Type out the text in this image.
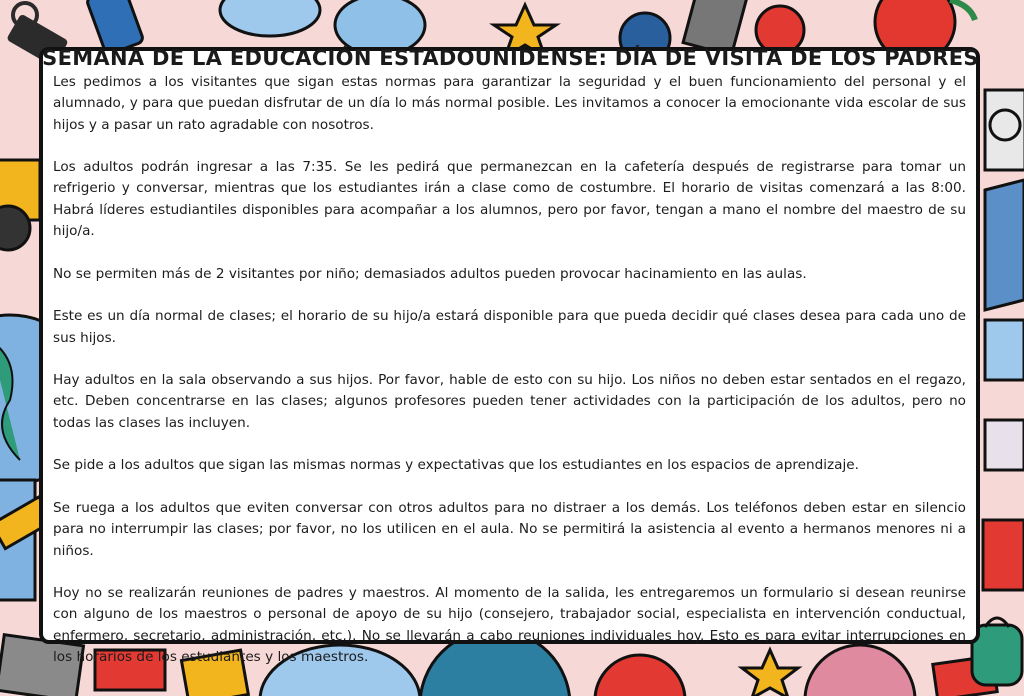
SEMANA DE LA EDUCACIÓN ESTADOUNIDENSE: DÍA DE VISITA DE LOS PADRES

Les pedimos a los visitantes que sigan estas normas para garantizar la seguridad y el buen funcionamiento del personal y el alumnado, y para que puedan disfrutar de un día lo más normal posible. Les invitamos a conocer la emocionante vida escolar de sus hijos y a pasar un rato agradable con nosotros.

Los adultos podrán ingresar a las 7:35. Se les pedirá que permanezcan en la cafetería después de registrarse para tomar un refrigerio y conversar, mientras que los estudiantes irán a clase como de costumbre. El horario de visitas comenzará a las 8:00. Habrá líderes estudiantiles disponibles para acompañar a los alumnos, pero por favor, tengan a mano el nombre del maestro de su hijo/a.

No se permiten más de 2 visitantes por niño; demasiados adultos pueden provocar hacinamiento en las aulas.

Este es un día normal de clases; el horario de su hijo/a estará disponible para que pueda decidir qué clases desea para cada uno de sus hijos.

Hay adultos en la sala observando a sus hijos. Por favor, hable de esto con su hijo. Los niños no deben estar sentados en el regazo, etc. Deben concentrarse en las clases; algunos profesores pueden tener actividades con la participación de los adultos, pero no todas las clases las incluyen.

Se pide a los adultos que sigan las mismas normas y expectativas que los estudiantes en los espacios de aprendizaje.

Se ruega a los adultos que eviten conversar con otros adultos para no distraer a los demás. Los teléfonos deben estar en silencio para no interrumpir las clases; por favor, no los utilicen en el aula. No se permitirá la asistencia al evento a hermanos menores ni a niños.

Hoy no se realizarán reuniones de padres y maestros. Al momento de la salida, les entregaremos un formulario si desean reunirse con alguno de los maestros o personal de apoyo de su hijo (consejero, trabajador social, especialista en intervención conductual, enfermero, secretario, administración, etc.). No se llevarán a cabo reuniones individuales hoy. Esto es para evitar interrupciones en los horarios de los estudiantes y los maestros.
